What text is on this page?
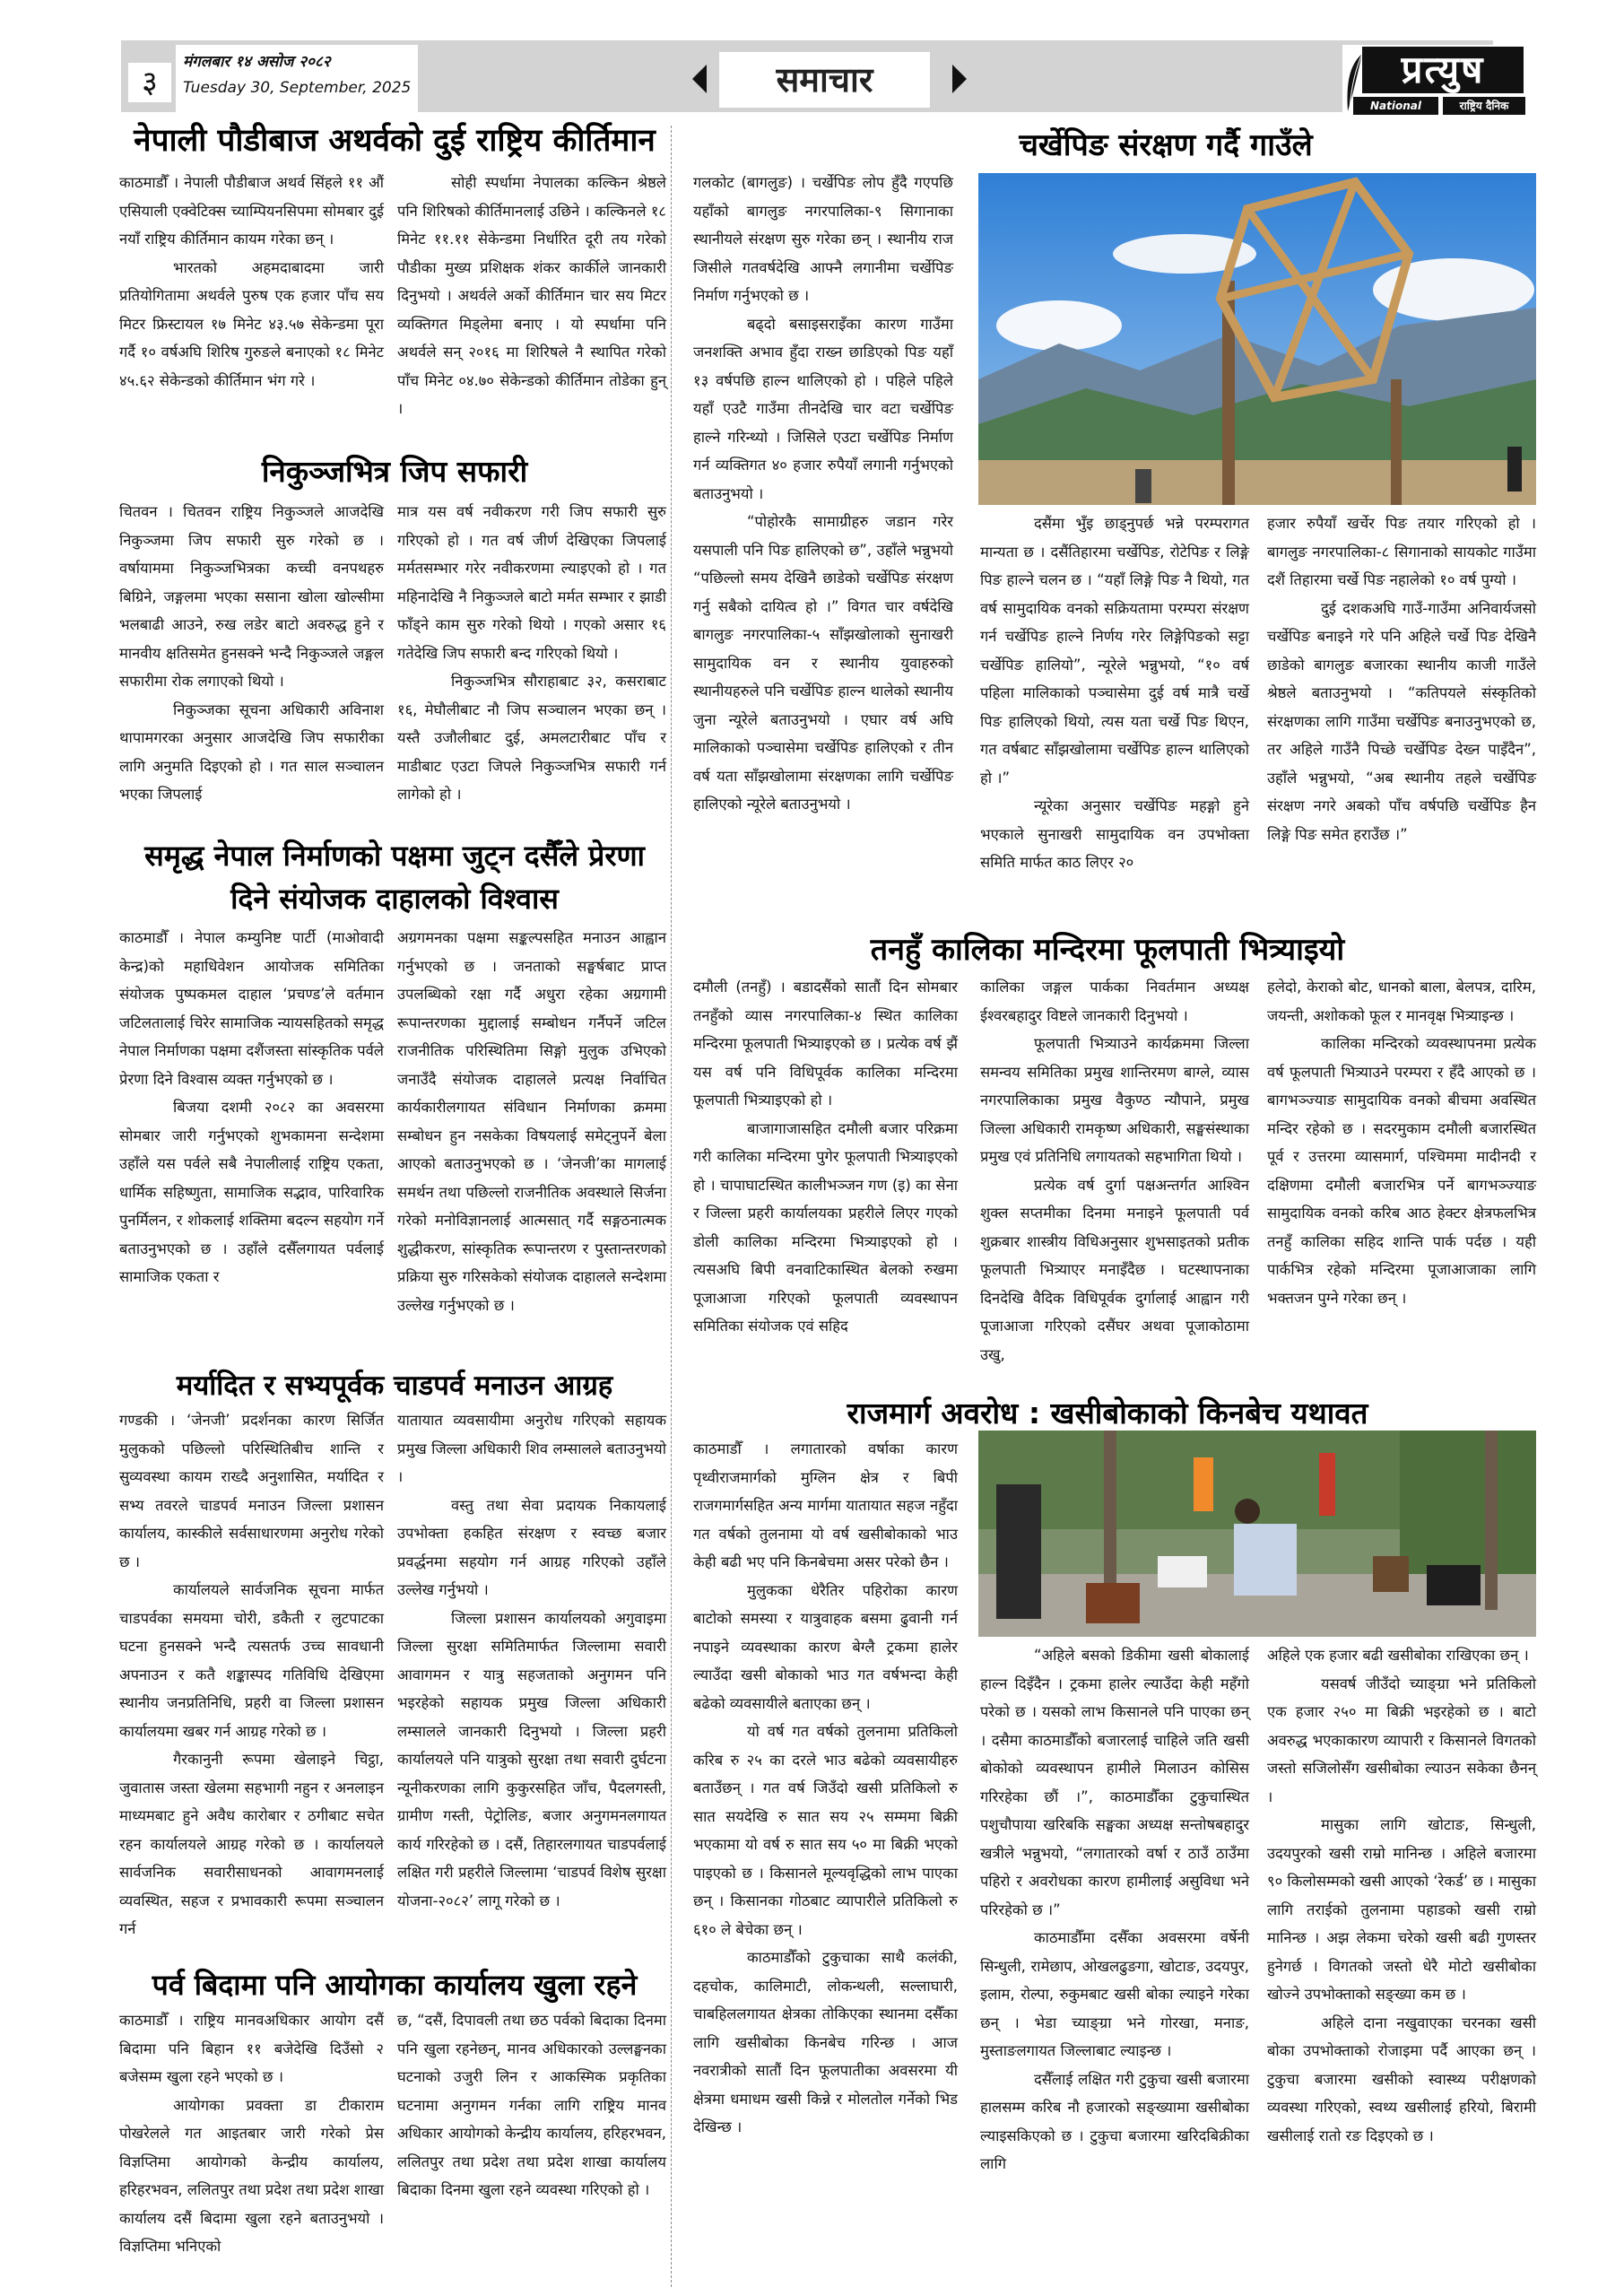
३
मंगलबार १४ असोज २०८२
Tuesday 30, September, 2025	समाचार	प्रत्युष
National Daily
राष्ट्रिय दैनिक
नेपाली पौडीबाज अथर्वको दुई राष्ट्रिय कीर्तिमान

काठमाडौँ । नेपाली पौडीबाज अथर्व सिंहले ११ औं एसियाली एक्वेटिक्स च्याम्पियनसिपमा सोमबार दुई नयाँ राष्ट्रिय कीर्तिमान कायम गरेका छन् ।

भारतको अहमदाबादमा जारी प्रतियोगितामा अथर्वले पुरुष एक हजार पाँच सय मिटर फ्रिस्टायल १७ मिनेट ४३.५७ सेकेन्डमा पूरा गर्दै १० वर्षअघि शिरिष गुरुङले बनाएको १८ मिनेट ४५.६२ सेकेन्डको कीर्तिमान भंग गरे ।

सोही स्पर्धामा नेपालका कल्किन श्रेष्ठले पनि शिरिषको कीर्तिमानलाई उछिने । कल्किनले १८ मिनेट ११.११ सेकेन्डमा निर्धारित दूरी तय गरेको पौडीका मुख्य प्रशिक्षक शंकर कार्कीले जानकारी दिनुभयो । अथर्वले अर्को कीर्तिमान चार सय मिटर व्यक्तिगत मिड्लेमा बनाए । यो स्पर्धामा पनि अथर्वले सन् २०१६ मा शिरिषले नै स्थापित गरेको पाँच मिनेट ०४.७० सेकेन्डको कीर्तिमान तोडेका हुन् ।

निकुञ्जभित्र जिप सफारी

चितवन । चितवन राष्ट्रिय निकुञ्जले आजदेखि निकुञ्जमा जिप सफारी सुरु गरेको छ । वर्षायाममा निकुञ्जभित्रका कच्ची वनपथहरु बिग्रिने, जङ्गलमा भएका ससाना खोला खोल्सीमा भलबाढी आउने, रुख लडेर बाटो अवरुद्ध हुने र मानवीय क्षतिसमेत हुनसक्ने भन्दै निकुञ्जले जङ्गल सफारीमा रोक लगाएको थियो ।

निकुञ्जका सूचना अधिकारी अविनाश थापामगरका अनुसार आजदेखि जिप सफारीका लागि अनुमति दिइएको हो । गत साल सञ्चालन भएका जिपलाई

मात्र यस वर्ष नवीकरण गरी जिप सफारी सुरु गरिएको हो । गत वर्ष जीर्ण देखिएका जिपलाई मर्मतसम्भार गरेर नवीकरणमा ल्याइएको हो । गत महिनादेखि नै निकुञ्जले बाटो मर्मत सम्भार र झाडी फाँड्ने काम सुरु गरेको थियो । गएको असार १६ गतेदेखि जिप सफारी बन्द गरिएको थियो ।

निकुञ्जभित्र सौराहाबाट ३२, कसराबाट १६, मेघौलीबाट नौ जिप सञ्चालन भएका छन् । यस्तै उजौलीबाट दुई, अमलटारीबाट पाँच र माडीबाट एउटा जिपले निकुञ्जभित्र सफारी गर्न लागेको हो ।

समृद्ध नेपाल निर्माणको पक्षमा जुट्न दसैँले प्रेरणा
दिने संयोजक दाहालको विश्वास

काठमाडौँ । नेपाल कम्युनिष्ट पार्टी (माओवादी केन्द्र)को महाधिवेशन आयोजक समितिका संयोजक पुष्पकमल दाहाल ‘प्रचण्ड’ले वर्तमान जटिलतालाई चिरेर सामाजिक न्यायसहितको समृद्ध नेपाल निर्माणका पक्षमा दशैंजस्ता सांस्कृतिक पर्वले प्रेरणा दिने विश्वास व्यक्त गर्नुभएको छ ।

बिजया दशमी २०८२ का अवसरमा सोमबार जारी गर्नुभएको शुभकामना सन्देशमा उहाँले यस पर्वले सबै नेपालीलाई राष्ट्रिय एकता, धार्मिक सहिष्णुता, सामाजिक सद्भाव, पारिवारिक पुनर्मिलन, र शोकलाई शक्तिमा बदल्न सहयोग गर्ने बताउनुभएको छ । उहाँले दसैँलगायत पर्वलाई सामाजिक एकता र

अग्रगमनका पक्षमा सङ्कल्पसहित मनाउन आह्वान गर्नुभएको छ । जनताको सङ्घर्षबाट प्राप्त उपलब्धिको रक्षा गर्दै अधुरा रहेका अग्रगामी रूपान्तरणका मुद्दालाई सम्बोधन गर्नैपर्ने जटिल राजनीतिक परिस्थितिमा सिङ्गो मुलुक उभिएको जनाउँदै संयोजक दाहालले प्रत्यक्ष निर्वाचित कार्यकारीलगायत संविधान निर्माणका क्रममा सम्बोधन हुन नसकेका विषयलाई समेट्नुपर्ने बेला आएको बताउनुभएको छ । ‘जेनजी’का मागलाई समर्थन तथा पछिल्लो राजनीतिक अवस्थाले सिर्जना गरेको मनोविज्ञानलाई आत्मसात् गर्दै सङ्गठनात्मक शुद्धीकरण, सांस्कृतिक रूपान्तरण र पुस्तान्तरणको प्रक्रिया सुरु गरिसकेको संयोजक दाहालले सन्देशमा उल्लेख गर्नुभएको छ ।

मर्यादित र सभ्यपूर्वक चाडपर्व मनाउन आग्रह

गण्डकी । ‘जेनजी’ प्रदर्शनका कारण सिर्जित मुलुकको पछिल्लो परिस्थितिबीच शान्ति र सुव्यवस्था कायम राख्दै अनुशासित, मर्यादित र सभ्य तवरले चाडपर्व मनाउन जिल्ला प्रशासन कार्यालय, कास्कीले सर्वसाधारणमा अनुरोध गरेको छ ।

कार्यालयले सार्वजनिक सूचना मार्फत चाडपर्वका समयमा चोरी, डकैती र लुटपाटका घटना हुनसक्ने भन्दै त्यसतर्फ उच्च सावधानी अपनाउन र कतै शङ्कास्पद गतिविधि देखिएमा स्थानीय जनप्रतिनिधि, प्रहरी वा जिल्ला प्रशासन कार्यालयमा खबर गर्न आग्रह गरेको छ ।

गैरकानुनी रूपमा खेलाइने चिट्ठा, जुवातास जस्ता खेलमा सहभागी नहुन र अनलाइन माध्यमबाट हुने अवैध कारोबार र ठगीबाट सचेत रहन कार्यालयले आग्रह गरेको छ । कार्यालयले सार्वजनिक सवारीसाधनको आवागमनलाई व्यवस्थित, सहज र प्रभावकारी रूपमा सञ्चालन गर्न

यातायात व्यवसायीमा अनुरोध गरिएको सहायक प्रमुख जिल्ला अधिकारी शिव लम्सालले बताउनुभयो ।

वस्तु तथा सेवा प्रदायक निकायलाई उपभोक्ता हकहित संरक्षण र स्वच्छ बजार प्रवर्द्धनमा सहयोग गर्न आग्रह गरिएको उहाँले उल्लेख गर्नुभयो ।

जिल्ला प्रशासन कार्यालयको अगुवाइमा जिल्ला सुरक्षा समितिमार्फत जिल्लामा सवारी आवागमन र यात्रु सहजताको अनुगमन पनि भइरहेको सहायक प्रमुख जिल्ला अधिकारी लम्सालले जानकारी दिनुभयो । जिल्ला प्रहरी कार्यालयले पनि यात्रुको सुरक्षा तथा सवारी दुर्घटना न्यूनीकरणका लागि कुकुरसहित जाँच, पैदलगस्ती, ग्रामीण गस्ती, पेट्रोलिङ, बजार अनुगमनलगायत कार्य गरिरहेको छ । दसैं, तिहारलगायत चाडपर्वलाई लक्षित गरी प्रहरीले जिल्लामा ‘चाडपर्व विशेष सुरक्षा योजना-२०८२’ लागू गरेको छ ।

पर्व बिदामा पनि आयोगका कार्यालय खुला रहने

काठमाडौँ । राष्ट्रिय मानवअधिकार आयोग दसैं बिदामा पनि बिहान ११ बजेदेखि दिउँसो २ बजेसम्म खुला रहने भएको छ ।

आयोगका प्रवक्ता डा टीकाराम पोखरेलले गत आइतबार जारी गरेको प्रेस विज्ञप्तिमा आयोगको केन्द्रीय कार्यालय, हरिहरभवन, ललितपुर तथा प्रदेश तथा प्रदेश शाखा कार्यालय दसैं बिदामा खुला रहने बताउनुभयो । विज्ञप्तिमा भनिएको

छ, “दसैं, दिपावली तथा छठ पर्वको बिदाका दिनमा पनि खुला रहनेछन्, मानव अधिकारको उल्लङ्घनका घटनाको उजुरी लिन र आकस्मिक प्रकृतिका घटनामा अनुगमन गर्नका लागि राष्ट्रिय मानव अधिकार आयोगको केन्द्रीय कार्यालय, हरिहरभवन, ललितपुर तथा प्रदेश तथा प्रदेश शाखा कार्यालय बिदाका दिनमा खुला रहने व्यवस्था गरिएको हो ।

चर्खेपिङ संरक्षण गर्दै गाउँले

गलकोट (बागलुङ) । चर्खेपिङ लोप हुँदै गएपछि यहाँको बागलुङ नगरपालिका-९ सिगानाका स्थानीयले संरक्षण सुरु गरेका छन् । स्थानीय राज जिसीले गतवर्षदेखि आफ्नै लगानीमा चर्खेपिङ निर्माण गर्नुभएको छ ।

बढ्दो बसाइसराइँका कारण गाउँमा जनशक्ति अभाव हुँदा राख्न छाडिएको पिङ यहाँ १३ वर्षपछि हाल्न थालिएको हो । पहिले पहिले यहाँ एउटै गाउँमा तीनदेखि चार वटा चर्खेपिङ हाल्ने गरिन्थ्यो । जिसिले एउटा चर्खेपिङ निर्माण गर्न व्यक्तिगत ४० हजार रुपैयाँ लगानी गर्नुभएको बताउनुभयो ।

“पोहोरकै सामाग्रीहरु जडान गरेर यसपाली पनि पिङ हालिएको छ”, उहाँले भन्नुभयो “पछिल्लो समय देखिनै छाडेको चर्खेपिङ संरक्षण गर्नु सबैको दायित्व हो ।” विगत चार वर्षदेखि बागलुङ नगरपालिका-५ साँझखोलाको सुनाखरी सामुदायिक वन र स्थानीय युवाहरुको स्थानीयहरुले पनि चर्खेपिङ हाल्न थालेको स्थानीय जुना न्यूरेले बताउनुभयो । एघार वर्ष अघि मालिकाको पञ्चासेमा चर्खेपिङ हालिएको र तीन वर्ष यता साँझखोलामा संरक्षणका लागि चर्खेपिङ हालिएको न्यूरेले बताउनुभयो ।

दसैंमा भुँइ छाड्नुपर्छ भन्ने परम्परागत मान्यता छ । दसैंतिहारमा चर्खेपिङ, रोटेपिङ र लिङ्गे पिङ हाल्ने चलन छ । “यहाँ लिङ्गे पिङ नै थियो, गत वर्ष सामुदायिक वनको सक्रियतामा परम्परा संरक्षण गर्न चर्खेपिङ हाल्ने निर्णय गरेर लिङ्गेपिङको सट्टा चर्खेपिङ हालियो”, न्यूरेले भन्नुभयो, “१० वर्ष पहिला मालिकाको पञ्चासेमा दुई वर्ष मात्रै चर्खे पिङ हालिएको थियो, त्यस यता चर्खे पिङ थिएन, गत वर्षबाट साँझखोलामा चर्खेपिङ हाल्न थालिएको हो ।”

न्यूरेका अनुसार चर्खेपिङ महङ्गो हुने भएकाले सुनाखरी सामुदायिक वन उपभोक्ता समिति मार्फत काठ लिएर २०

हजार रुपैयाँ खर्चेर पिङ तयार गरिएको हो । बागलुङ नगरपालिका-८ सिगानाको सायकोट गाउँमा दशैं तिहारमा चर्खे पिङ नहालेको १० वर्ष पुग्यो ।

दुई दशकअघि गाउँ-गाउँमा अनिवार्यजसो चर्खेपिङ बनाइने गरे पनि अहिले चर्खे पिङ देखिनै छाडेको बागलुङ बजारका स्थानीय काजी गाउँले श्रेष्ठले बताउनुभयो । “कतिपयले संस्कृतिको संरक्षणका लागि गाउँमा चर्खेपिङ बनाउनुभएको छ, तर अहिले गाउँनै पिच्छे चर्खेपिङ देख्न पाइँदैन”, उहाँले भन्नुभयो, “अब स्थानीय तहले चर्खेपिङ संरक्षण नगरे अबको पाँच वर्षपछि चर्खेपिङ हैन लिङ्गे पिङ समेत हराउँछ ।”

तनहुँ कालिका मन्दिरमा फूलपाती भित्र्याइयो

दमौली (तनहुँ) । बडादसैंको सातौं दिन सोमबार तनहुँको व्यास नगरपालिका-४ स्थित कालिका मन्दिरमा फूलपाती भित्र्याइएको छ । प्रत्येक वर्ष झैं यस वर्ष पनि विधिपूर्वक कालिका मन्दिरमा फूलपाती भित्र्याइएको हो ।

बाजागाजासहित दमौली बजार परिक्रमा गरी कालिका मन्दिरमा पुगेर फूलपाती भित्र्याइएको हो । चापाघाटस्थित कालीभञ्जन गण (इ) का सेना र जिल्ला प्रहरी कार्यालयका प्रहरीले लिएर गएको डोली कालिका मन्दिरमा भित्र्याइएको हो । त्यसअघि बिपी वनवाटिकास्थित बेलको रुखमा पूजाआजा गरिएको फूलपाती व्यवस्थापन समितिका संयोजक एवं सहिद

कालिका जङ्गल पार्कका निवर्तमान अध्यक्ष ईश्वरबहादुर विष्टले जानकारी दिनुभयो ।

फूलपाती भित्र्याउने कार्यक्रममा जिल्ला समन्वय समितिका प्रमुख शान्तिरमण बाग्ले, व्यास नगरपालिकाका प्रमुख वैकुण्ठ न्यौपाने, प्रमुख जिल्ला अधिकारी रामकृष्ण अधिकारी, सङ्घसंस्थाका प्रमुख एवं प्रतिनिधि लगायतको सहभागिता थियो ।

प्रत्येक वर्ष दुर्गा पक्षअन्तर्गत आश्विन शुक्ल सप्तमीका दिनमा मनाइने फूलपाती पर्व शुक्रबार शास्त्रीय विधिअनुसार शुभसाइतको प्रतीक फूलपाती भित्र्याएर मनाइँदैछ । घटस्थापनाका दिनदेखि वैदिक विधिपूर्वक दुर्गालाई आह्वान गरी पूजाआजा गरिएको दसैंघर अथवा पूजाकोठामा उखु,

हलेदो, केराको बोट, धानको बाला, बेलपत्र, दारिम, जयन्ती, अशोकको फूल र मानवृक्ष भित्र्याइन्छ ।

कालिका मन्दिरको व्यवस्थापनमा प्रत्येक वर्ष फूलपाती भित्र्याउने परम्परा र हँदै आएको छ । बागभञ्ज्याङ सामुदायिक वनको बीचमा अवस्थित मन्दिर रहेको छ । सदरमुकाम दमौली बजारस्थित पूर्व र उत्तरमा व्यासमार्ग, पश्चिममा मादीनदी र दक्षिणमा दमौली बजारभित्र पर्ने बागभञ्ज्याङ सामुदायिक वनको करिब आठ हेक्टर क्षेत्रफलभित्र तनहुँ कालिका सहिद शान्ति पार्क पर्दछ । यही पार्कभित्र रहेको मन्दिरमा पूजाआजाका लागि भक्तजन पुग्ने गरेका छन् ।

राजमार्ग अवरोध : खसीबोकाको किनबेच यथावत

काठमाडौँ । लगातारको वर्षाका कारण पृथ्वीराजमार्गको मुग्लिन क्षेत्र र बिपी राजगमार्गसहित अन्य मार्गमा यातायात सहज नहुँदा गत वर्षको तुलनामा यो वर्ष खसीबोकाको भाउ केही बढी भए पनि किनबेचमा असर परेको छैन ।

मुलुकका धेरैतिर पहिरोका कारण बाटोको समस्या र यात्रुवाहक बसमा ढुवानी गर्न नपाइने व्यवस्थाका कारण बेग्लै ट्रकमा हालेर ल्याउँदा खसी बोकाको भाउ गत वर्षभन्दा केही बढेको व्यवसायीले बताएका छन् ।

यो वर्ष गत वर्षको तुलनामा प्रतिकिलो करिब रु २५ का दरले भाउ बढेको व्यवसायीहरु बताउँछन् । गत वर्ष जिउँदो खसी प्रतिकिलो रु सात सयदेखि रु सात सय २५ सम्ममा बिक्री भएकामा यो वर्ष रु सात सय ५० मा बिक्री भएको पाइएको छ । किसानले मूल्यवृद्धिको लाभ पाएका छन् । किसानका गोठबाट व्यापारीले प्रतिकिलो रु ६१० ले बेचेका छन् ।

काठमाडौँको टुकुचाका साथै कलंकी, दहचोक, कालिमाटी, लोकन्थली, सल्लाघारी, चाबहिललगायत क्षेत्रका तोकिएका स्थानमा दसैँका लागि खसीबोका किनबेच गरिन्छ । आज नवरात्रीको सातौं दिन फूलपातीका अवसरमा यी क्षेत्रमा धमाधम खसी किन्ने र मोलतोल गर्नेको भिड देखिन्छ ।

“अहिले बसको डिकीमा खसी बोकालाई हाल्न दिइँदैन । ट्रकमा हालेर ल्याउँदा केही महँगो परेको छ । यसको लाभ किसानले पनि पाएका छन् । दसैमा काठमाडौँको बजारलाई चाहिले जति खसी बोकोको व्यवस्थापन हामीले मिलाउन कोसिस गरिरहेका छौं ।”, काठमाडौँका टुकुचास्थित पशुचौपाया खरिबकि सङ्घका अध्यक्ष सन्तोषबहादुर खत्रीले भन्नुभयो, “लगातारको वर्षा र ठाउँ ठाउँमा पहिरो र अवरोधका कारण हामीलाई असुविधा भने परिरहेको छ ।”

काठमाडौँमा दसैँका अवसरमा वर्षेनी सिन्धुली, रामेछाप, ओखलढुङगा, खोटाङ, उदयपुर, इलाम, रोल्पा, रुकुमबाट खसी बोका ल्याइने गरेका छन् । भेडा च्याङ्ग्रा भने गोरखा, मनाङ, मुस्ताङलगायत जिल्लाबाट ल्याइन्छ ।

दसैँलाई लक्षित गरी टुकुचा खसी बजारमा हालसम्म करिब नौ हजारको सङ्ख्यामा खसीबोका ल्याइसकिएको छ । टुकुचा बजारमा खरिदबिक्रीका लागि

अहिले एक हजार बढी खसीबोका राखिएका छन् ।

यसवर्ष जीउँदो च्याङ्ग्रा भने प्रतिकिलो एक हजार २५० मा बिक्री भइरहेको छ । बाटो अवरुद्ध भएकाकारण व्यापारी र किसानले विगतको जस्तो सजिलोसँग खसीबोका ल्याउन सकेका छैनन् ।

मासुका लागि खोटाङ, सिन्धुली, उदयपुरको खसी राम्रो मानिन्छ । अहिले बजारमा ९० किलोसम्मको खसी आएको ‘रेकर्ड’ छ । मासुका लागि तराईको तुलनामा पहाडको खसी राम्रो मानिन्छ । अझ लेकमा चरेको खसी बढी गुणस्तर हुनेगर्छ । विगतको जस्तो धेरै मोटो खसीबोका खोज्ने उपभोक्ताको सङ्ख्या कम छ ।

अहिले दाना नखुवाएका चरनका खसी बोका उपभोक्ताको रोजाइमा पर्दै आएका छन् । टुकुचा बजारमा खसीको स्वास्थ्य परीक्षणको व्यवस्था गरिएको, स्वथ्य खसीलाई हरियो, बिरामी खसीलाई रातो रङ दिइएको छ ।
